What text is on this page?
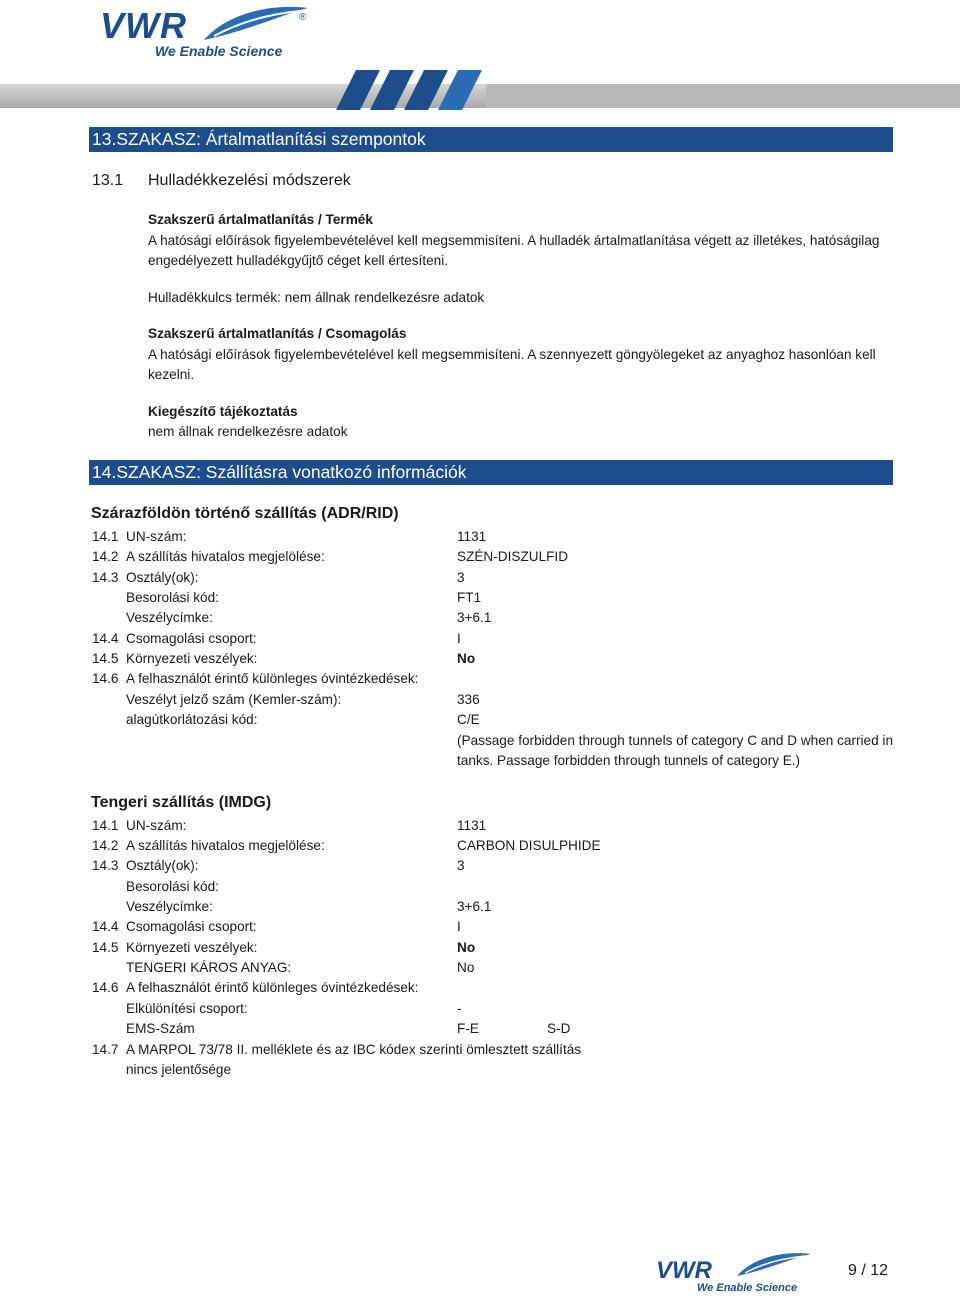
VWR	®
We Enable Science
13.SZAKASZ: Ártalmatlanítási szempontok
13.1 Hulladékkezelési módszerek
Szakszerű ártalmatlanítás / Termék
A hatósági előírások figyelembevételével kell megsemmisíteni. A hulladék ártalmatlanítása végett az illetékes, hatóságilag
engedélyezett hulladékgyűjtő céget kell értesíteni.
Hulladékkulcs termék: nem állnak rendelkezésre adatok
Szakszerű ártalmatlanítás / Csomagolás
A hatósági előírások figyelembevételével kell megsemmisíteni. A szennyezett göngyölegeket az anyaghoz hasonlóan kell
kezelni.
Kiegészítő tájékoztatás
nem állnak rendelkezésre adatok
14.SZAKASZ: Szállításra vonatkozó információk
Szárazföldön történő szállítás (ADR/RID)
14.1 UN-szám:	1131
14.2 A szállítás hivatalos megjelölése:	SZÉN-DISZULFID
14.3 Osztály(ok):	3
Besorolási kód:	FT1
Veszélycímke:	3+6.1
14.4 Csomagolási csoport:	I
14.5 Környezeti veszélyek:	No
14.6 A felhasználót érintő különleges óvintézkedések:
Veszélyt jelző szám (Kemler-szám):	336
alagútkorlátozási kód:	C/E
(Passage forbidden through tunnels of category C and D when carried in
tanks. Passage forbidden through tunnels of category E.)
Tengeri szállítás (IMDG)
14.1 UN-szám:	1131
14.2 A szállítás hivatalos megjelölése:	CARBON DISULPHIDE
14.3 Osztály(ok):	3
Besorolási kód:
Veszélycímke:	3+6.1
14.4 Csomagolási csoport:	I
14.5 Környezeti veszélyek:	No
TENGERI KÁROS ANYAG:	No
14.6 A felhasználót érintő különleges óvintézkedések:
Elkülönítési csoport:	-
EMS-Szám	F-E	S-D
14.7 A MARPOL 73/78 II. melléklete és az IBC kódex szerinti ömlesztett szállítás
nincs jelentősége
VWR
We Enable Science
9 / 12
